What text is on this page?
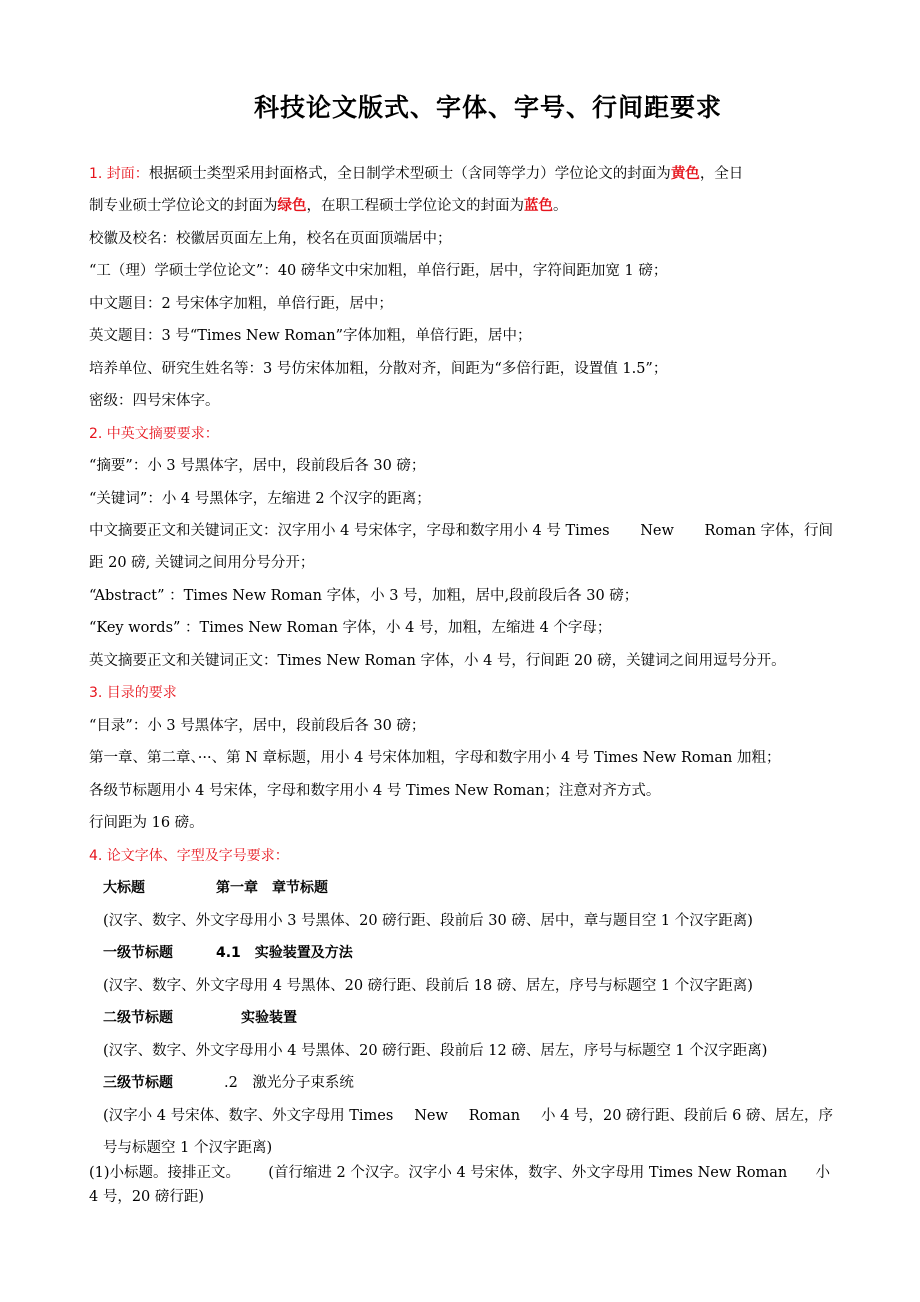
科技论文版式、字体、字号、行间距要求
1. 封面：根据硕士类型采用封面格式，全日制学术型硕士（含同等学力）学位论文的封面为黄色，全日
制专业硕士学位论文的封面为绿色，在职工程硕士学位论文的封面为蓝色。
校徽及校名：校徽居页面左上角，校名在页面顶端居中；
“工（理）学硕士学位论文”：40 磅华文中宋加粗，单倍行距，居中，字符间距加宽 1 磅；
中文题目：2 号宋体字加粗，单倍行距，居中；
英文题目：3 号“Times New Roman”字体加粗，单倍行距，居中；
培养单位、研究生姓名等：3 号仿宋体加粗，分散对齐，间距为“多倍行距，设置值 1.5”；
密级：四号宋体字。
2. 中英文摘要要求：
“摘要”：小 3 号黑体字，居中，段前段后各 30 磅；
“关键词”：小 4 号黑体字，左缩进 2 个汉字的距离；
中文摘要正文和关键词正文：汉字用小 4 号宋体字，字母和数字用小 4 号 Times New Roman 字体，行间
距 20 磅, 关键词之间用分号分开；
“Abstract” ：Times New Roman 字体，小 3 号，加粗，居中,段前段后各 30 磅；
“Key words” ：Times New Roman 字体，小 4 号，加粗，左缩进 4 个字母；
英文摘要正文和关键词正文：Times New Roman 字体，小 4 号，行间距 20 磅，关键词之间用逗号分开。
3. 目录的要求
“目录”：小 3 号黑体字，居中，段前段后各 30 磅；
第一章、第二章、···、第 N 章标题，用小 4 号宋体加粗，字母和数字用小 4 号 Times New Roman 加粗；
各级节标题用小 4 号宋体，字母和数字用小 4 号 Times New Roman；注意对齐方式。
行间距为 16 磅。
4. 论文字体、字型及字号要求：
大标题	第一章　章节标题
(汉字、数字、外文字母用小 3 号黑体、20 磅行距、段前后 30 磅、居中，章与题目空 1 个汉字距离)
一级节标题	4.1　实验装置及方法
(汉字、数字、外文字母用 4 号黑体、20 磅行距、段前后 18 磅、居左，序号与标题空 1 个汉字距离)
二级节标题	实验装置
(汉字、数字、外文字母用小 4 号黑体、20 磅行距、段前后 12 磅、居左，序号与标题空 1 个汉字距离)
三级节标题	.2　激光分子束系统
(汉字小 4 号宋体、数字、外文字母用 Times New Roman 小 4 号，20 磅行距、段前后 6 磅、居左，序
号与标题空 1 个汉字距离)
(1)小标题。接排正文。 (首行缩进 2 个汉字。汉字小 4 号宋体，数字、外文字母用 Times New Roman 小
4 号，20 磅行距)
